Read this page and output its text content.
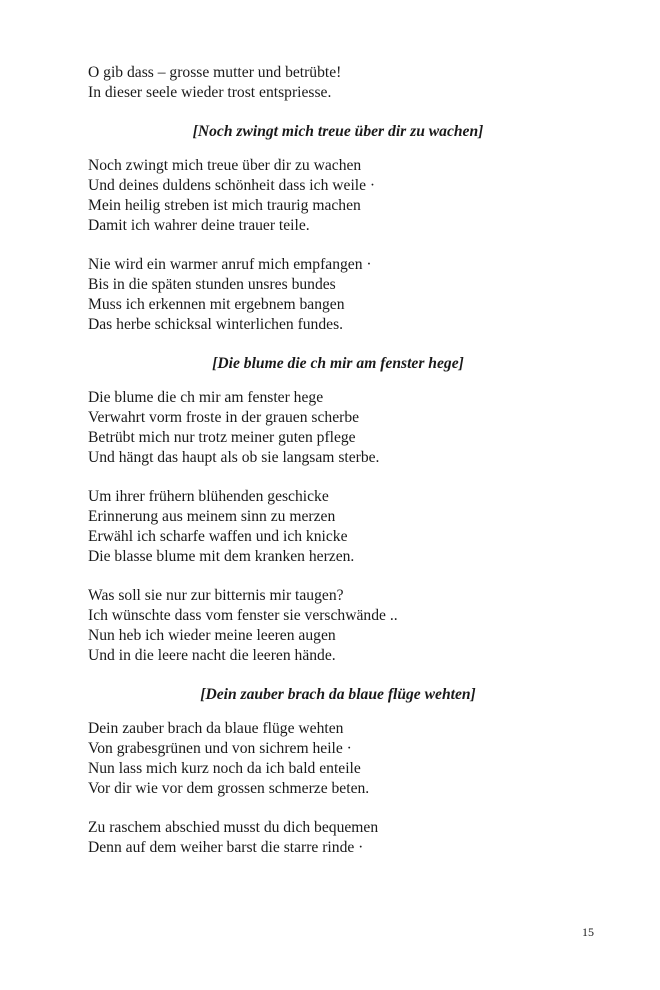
O gib dass – grosse mutter und betrübte!
In dieser seele wieder trost entspriesse.
[Noch zwingt mich treue über dir zu wachen]
Noch zwingt mich treue über dir zu wachen
Und deines duldens schönheit dass ich weile ·
Mein heilig streben ist mich traurig machen
Damit ich wahrer deine trauer teile.
Nie wird ein warmer anruf mich empfangen ·
Bis in die späten stunden unsres bundes
Muss ich erkennen mit ergebnem bangen
Das herbe schicksal winterlichen fundes.
[Die blume die ch mir am fenster hege]
Die blume die ch mir am fenster hege
Verwahrt vorm froste in der grauen scherbe
Betrübt mich nur trotz meiner guten pflege
Und hängt das haupt als ob sie langsam sterbe.
Um ihrer frühern blühenden geschicke
Erinnerung aus meinem sinn zu merzen
Erwähl ich scharfe waffen und ich knicke
Die blasse blume mit dem kranken herzen.
Was soll sie nur zur bitternis mir taugen?
Ich wünschte dass vom fenster sie verschwände ..
Nun heb ich wieder meine leeren augen
Und in die leere nacht die leeren hände.
[Dein zauber brach da blaue flüge wehten]
Dein zauber brach da blaue flüge wehten
Von grabesgrünen und von sichrem heile ·
Nun lass mich kurz noch da ich bald enteile
Vor dir wie vor dem grossen schmerze beten.
Zu raschem abschied musst du dich bequemen
Denn auf dem weiher barst die starre rinde ·
15
